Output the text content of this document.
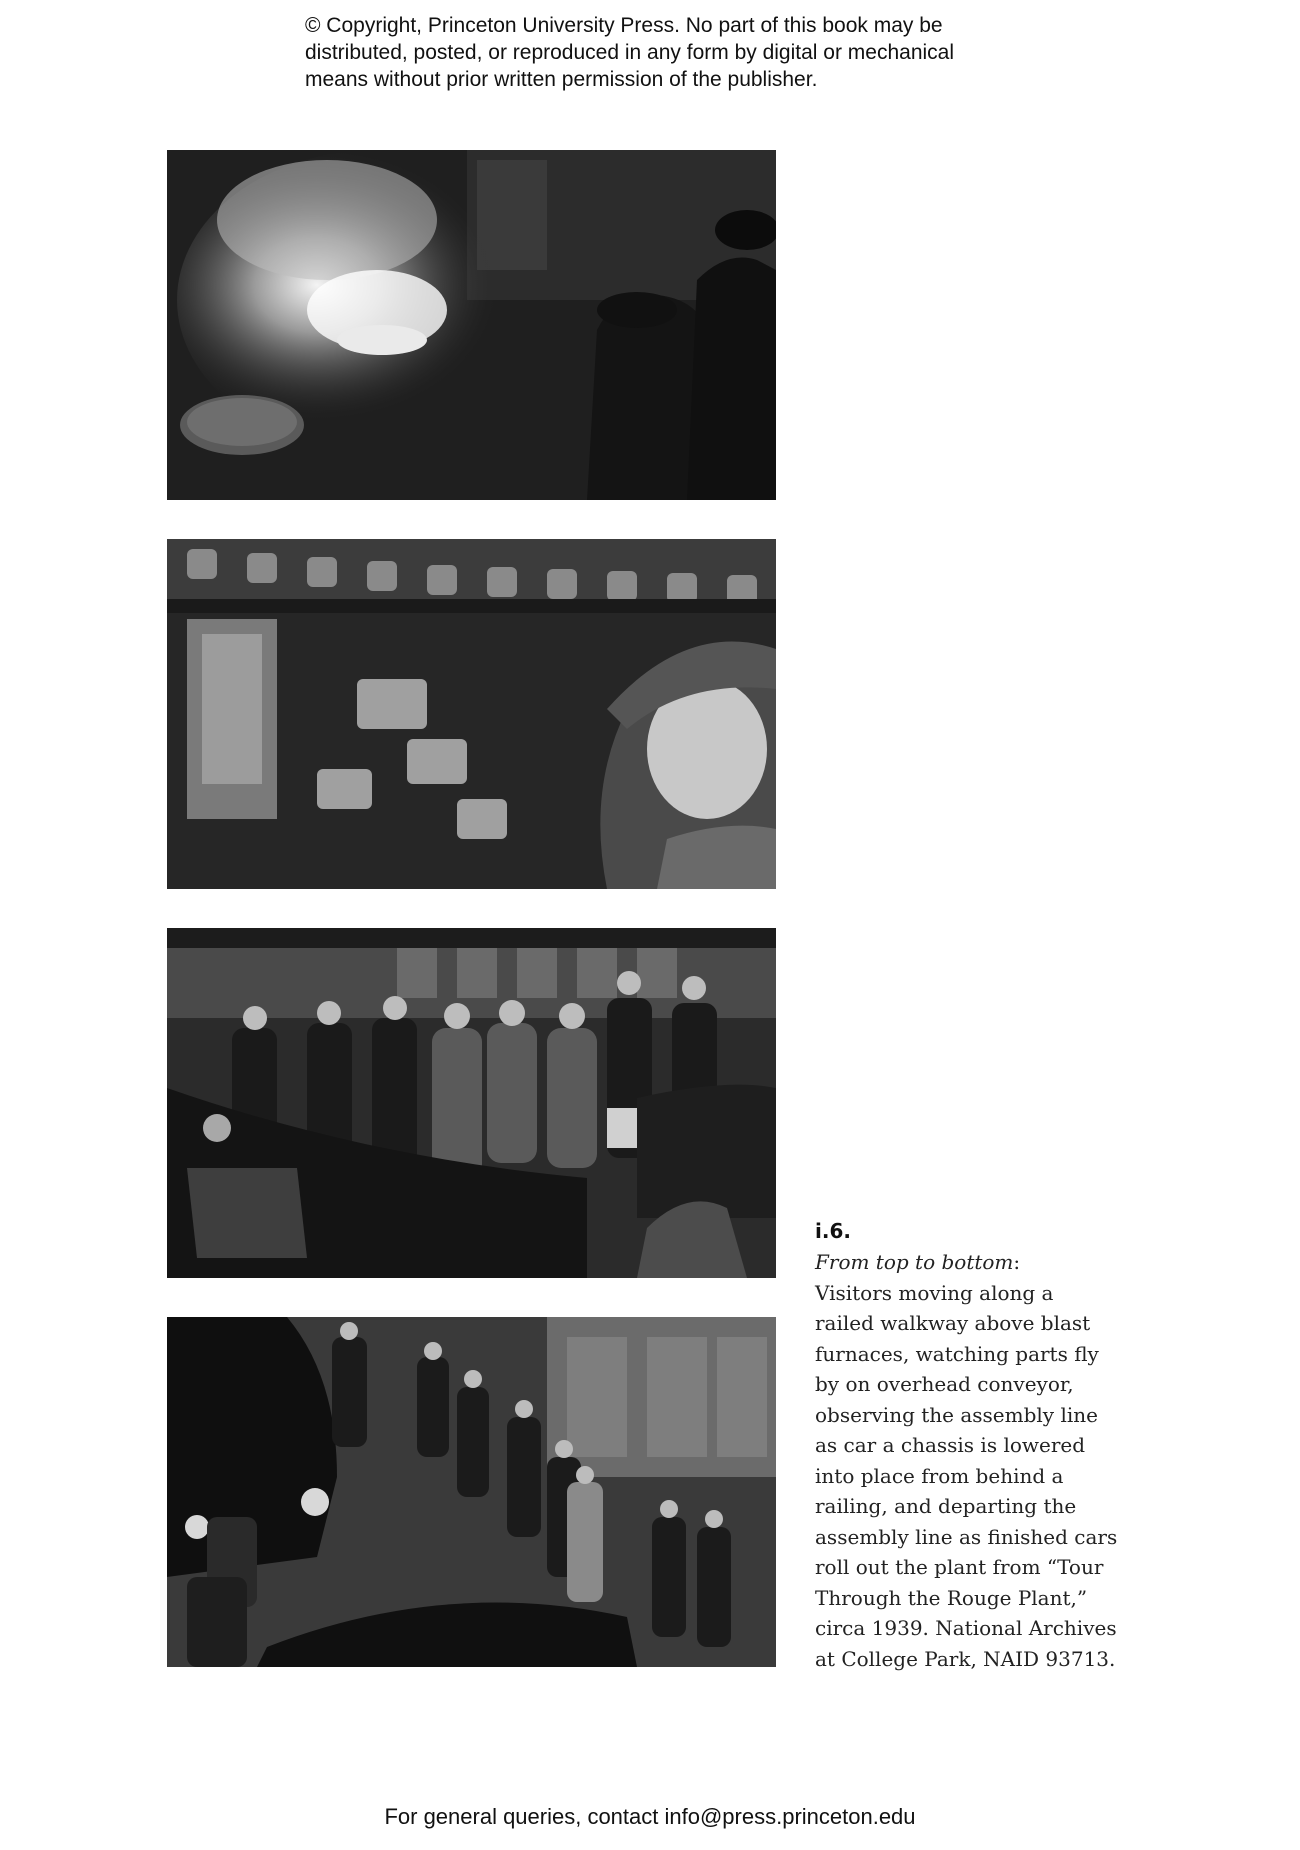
© Copyright, Princeton University Press. No part of this book may be
distributed, posted, or reproduced in any form by digital or mechanical
means without prior written permission of the publisher.
i.6.
From top to bottom:
Visitors moving along a
railed walkway above blast
furnaces, watching parts fly
by on overhead conveyor,
observing the assembly line
as car a chassis is lowered
into place from behind a
railing, and departing the
assembly line as finished cars
roll out the plant from “Tour
Through the Rouge Plant,”
circa 1939. National Archives
at College Park, NAID 93713.
For general queries, contact info@press.princeton.edu
